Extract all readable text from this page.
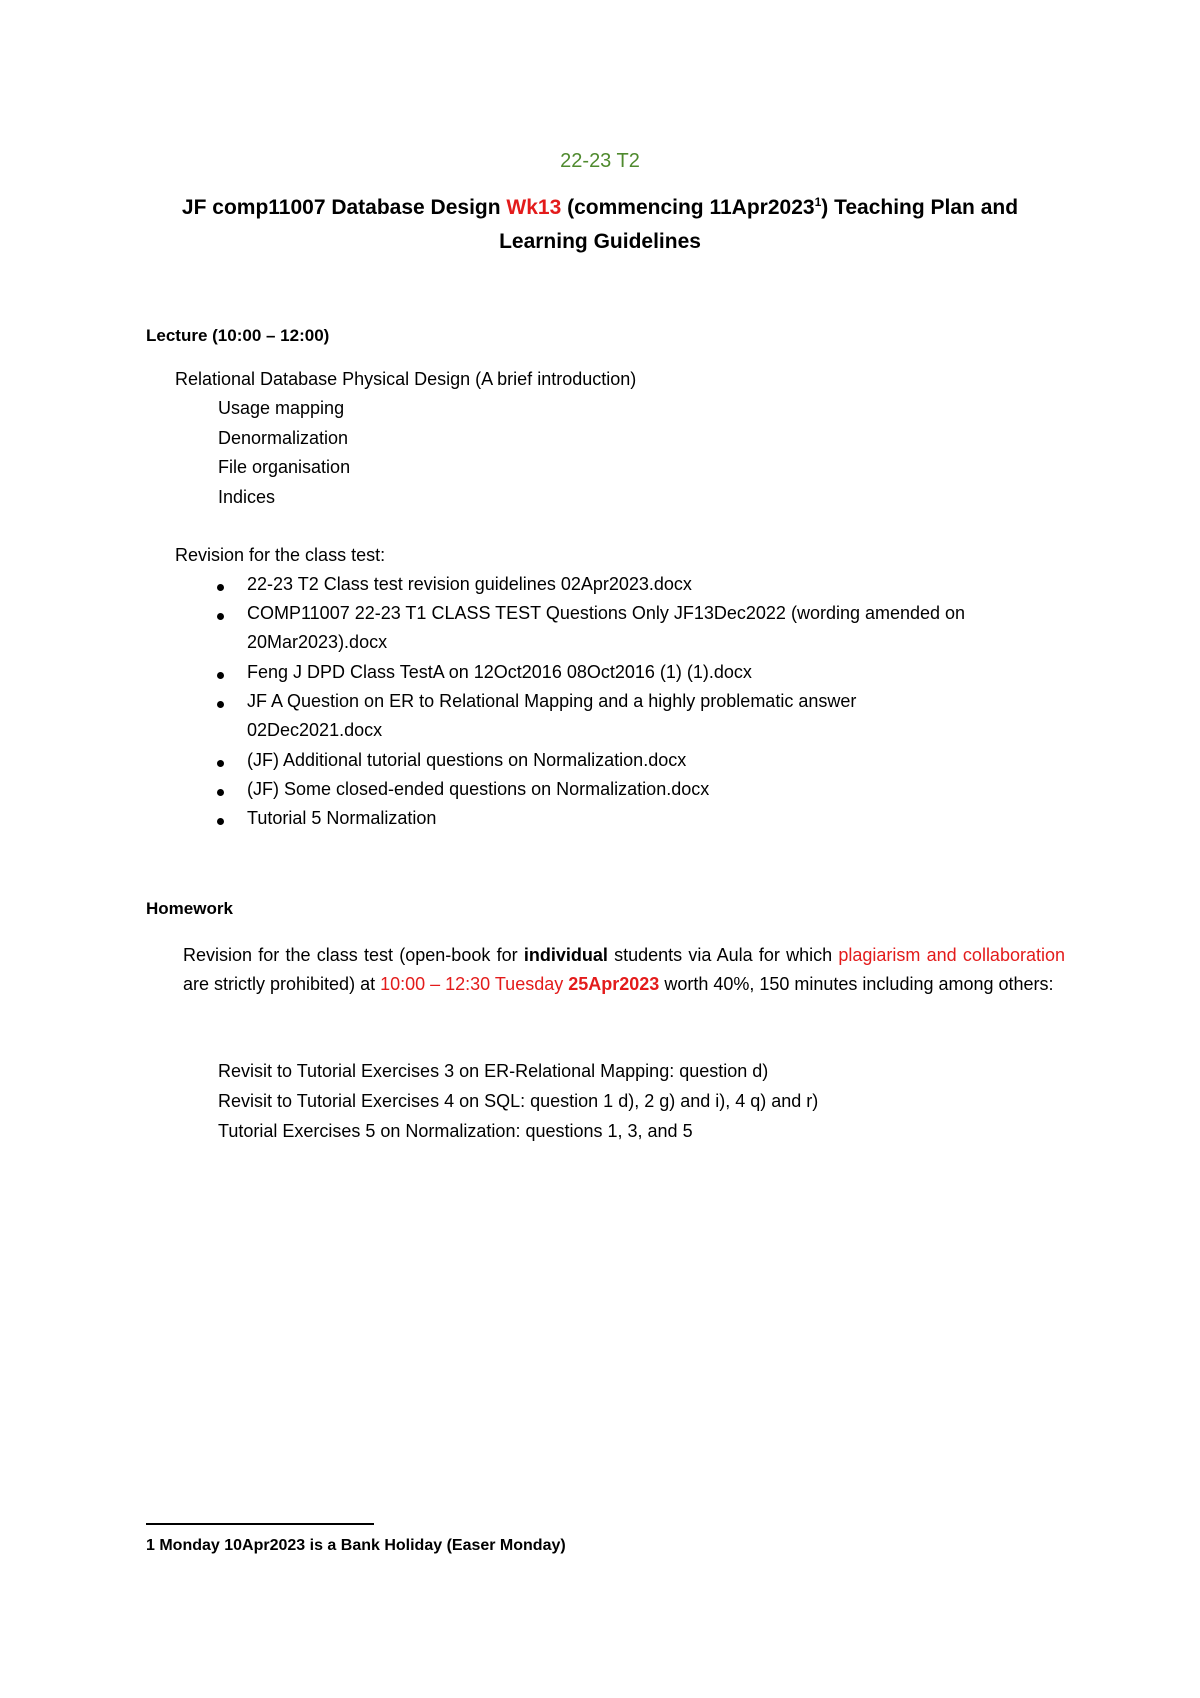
22-23 T2
JF comp11007 Database Design Wk13 (commencing 11Apr2023$^1$) Teaching Plan and
Learning Guidelines
Lecture (10:00 – 12:00)
Relational Database Physical Design (A brief introduction)
Usage mapping
Denormalization
File organisation
Indices
Revision for the class test:
22-23 T2 Class test revision guidelines 02Apr2023.docx
COMP11007 22-23 T1 CLASS TEST Questions Only JF13Dec2022 (wording amended on
20Mar2023).docx
Feng J DPD Class TestA on 12Oct2016 08Oct2016 (1) (1).docx
JF A Question on ER to Relational Mapping and a highly problematic answer
02Dec2021.docx
(JF) Additional tutorial questions on Normalization.docx
(JF) Some closed-ended questions on Normalization.docx
Tutorial 5 Normalization
Homework
Revision for the class test (open-book for individual students via Aula for which plagiarism and collaboration are strictly prohibited) at 10:00 – 12:30 Tuesday 25Apr2023 worth 40%, 150 minutes including among others:
Revisit to Tutorial Exercises 3 on ER-Relational Mapping: question d)
Revisit to Tutorial Exercises 4 on SQL: question 1 d), 2 g) and i), 4 q) and r)
Tutorial Exercises 5 on Normalization: questions 1, 3, and 5
1 Monday 10Apr2023 is a Bank Holiday (Easer Monday)
